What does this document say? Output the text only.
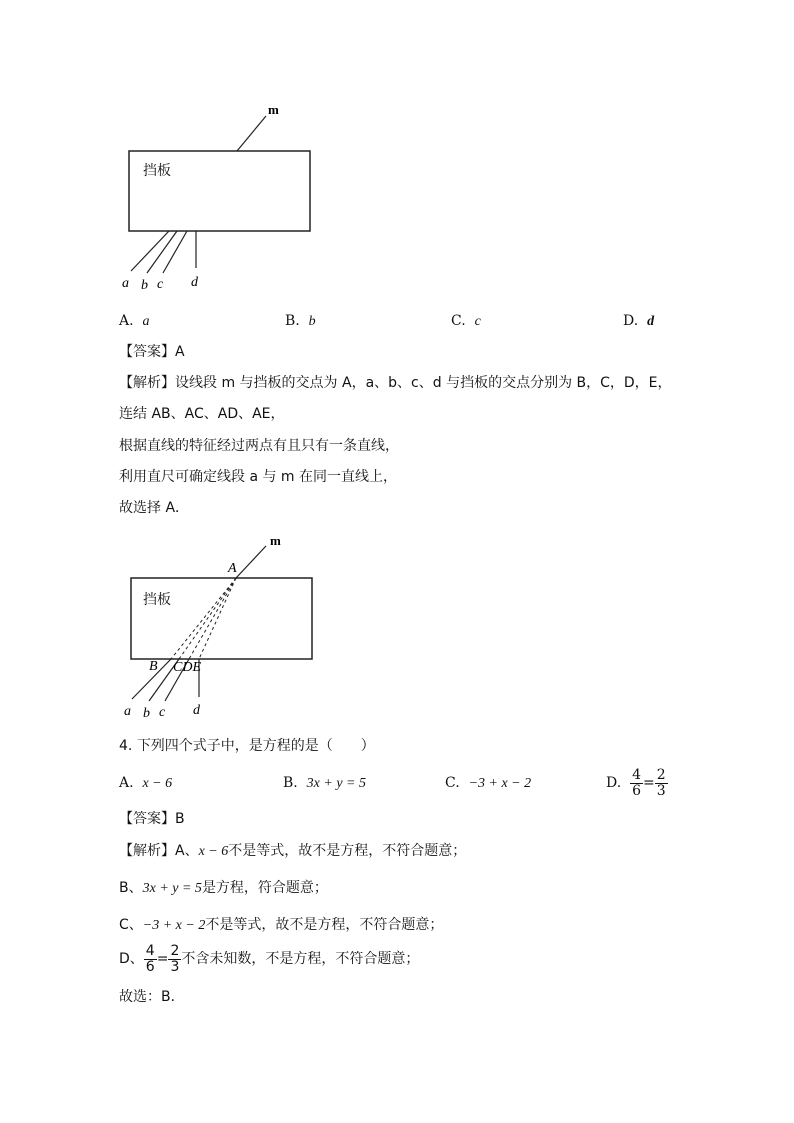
m
a b c d
挡板
A. a	B. b	C. c	D. d
【答案】A
【解析】设线段 m 与挡板的交点为 A，a、b、c、d 与挡板的交点分别为 B，C，D，E，
连结 AB、AC、AD、AE，
根据直线的特征经过两点有且只有一条直线，
利用直尺可确定线段 a 与 m 在同一直线上，
故选择 A．
m
A
B CDE
a b c d
挡板
4. 下列四个式子中，是方程的是（　　）
A. x − 6	B. 3x + y = 5	C. −3 + x − 2	D. $\frac{4}{6} = \frac{2}{3}$
【答案】B
【解析】A、x − 6不是等式，故不是方程，不符合题意；
B、3x + y = 5是方程，符合题意；
C、−3 + x − 2不是等式，故不是方程，不符合题意；
D、 $\frac{4}{6} = \frac{2}{3}$ 不含未知数，不是方程，不符合题意；
故选：B．
